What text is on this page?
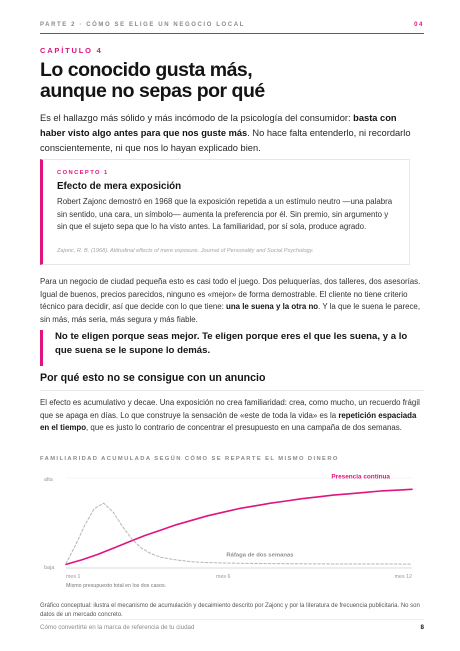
PARTE 2 · CÓMO SE ELIGE UN NEGOCIO LOCAL	04
CAPÍTULO 4
Lo conocido gusta más,
aunque no sepas por qué

Es el hallazgo más sólido y más incómodo de la psicología del consumidor: basta con haber visto algo antes para que nos guste más. No hace falta entenderlo, ni recordarlo conscientemente, ni que nos lo hayan explicado bien.

CONCEPTO 1
Efecto de mera exposición

Robert Zajonc demostró en 1968 que la exposición repetida a un estímulo neutro —una palabra sin sentido, una cara, un símbolo— aumenta la preferencia por él. Sin premio, sin argumento y sin que el sujeto sepa que lo ha visto antes. La familiaridad, por sí sola, produce agrado.

Zajonc, R. B. (1968). Attitudinal effects of mere exposure. Journal of Personality and Social Psychology.

Para un negocio de ciudad pequeña esto es casi todo el juego. Dos peluquerías, dos talleres, dos asesorías. Igual de buenos, precios parecidos, ninguno es «mejor» de forma demostrable. El cliente no tiene criterio técnico para decidir, así que decide con lo que tiene: una le suena y la otra no. Y la que le suena le parece, sin más, más seria, más segura y más fiable.

No te eligen porque seas mejor. Te eligen porque eres el que les suena, y a lo que suena se le supone lo demás.
Por qué esto no se consigue con un anuncio

El efecto es acumulativo y decae. Una exposición no crea familiaridad: crea, como mucho, un recuerdo frágil que se apaga en días. Lo que construye la sensación de «este de toda la vida» es la repetición espaciada en el tiempo, que es justo lo contrario de concentrar el presupuesto en una campaña de dos semanas.

FAMILIARIDAD ACUMULADA SEGÚN CÓMO SE REPARTE EL MISMO DINERO
alta
baja
mes 1	mes 6	mes 12
Mismo presupuesto total en los dos casos.
Presencia continua
Ráfaga de dos semanas

Gráfico conceptual: ilustra el mecanismo de acumulación y decaimiento descrito por Zajonc y por la literatura de frecuencia publicitaria. No son datos de un mercado concreto.

Cómo convertirte en la marca de referencia de tu ciudad	8
